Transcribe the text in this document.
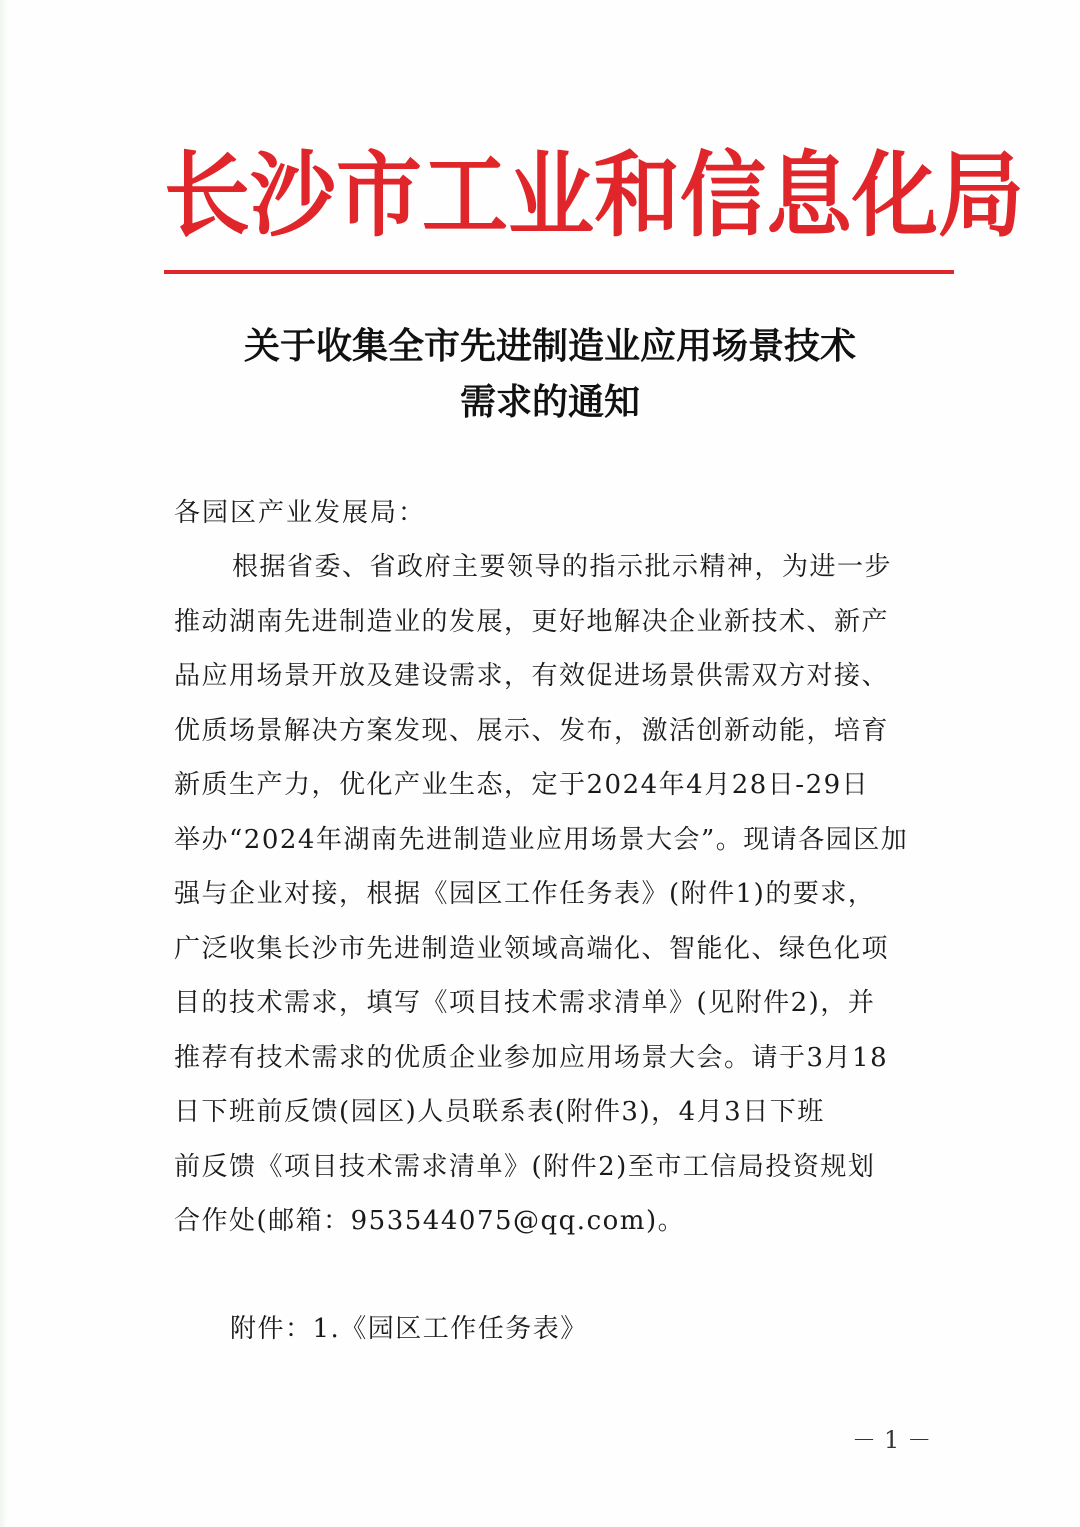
长 沙 市 工 业 和 信 息 化 局
关于收集全市先进制造业应用场景技术
需求的通知
各园区产业发展局：
根据省委、省政府主要领导的指示批示精神，为进一步
推动湖南先进制造业的发展，更好地解决企业新技术、新产
品应用场景开放及建设需求，有效促进场景供需双方对接、
优质场景解决方案发现、展示、发布，激活创新动能，培育
新质生产力，优化产业生态，定于2024年4月28日-29日
举办“2024年湖南先进制造业应用场景大会”。现请各园区加
强与企业对接，根据《园区工作任务表》(附件1)的要求，
广泛收集长沙市先进制造业领域高端化、智能化、绿色化项
目的技术需求，填写《项目技术需求清单》(见附件2)，并
推荐有技术需求的优质企业参加应用场景大会。请于3月18
日下班前反馈(园区)人员联系表(附件3)，4月3日下班
前反馈《项目技术需求清单》(附件2)至市工信局投资规划
合作处(邮箱：953544075@qq.com)。
附件：1.《园区工作任务表》
－1－
